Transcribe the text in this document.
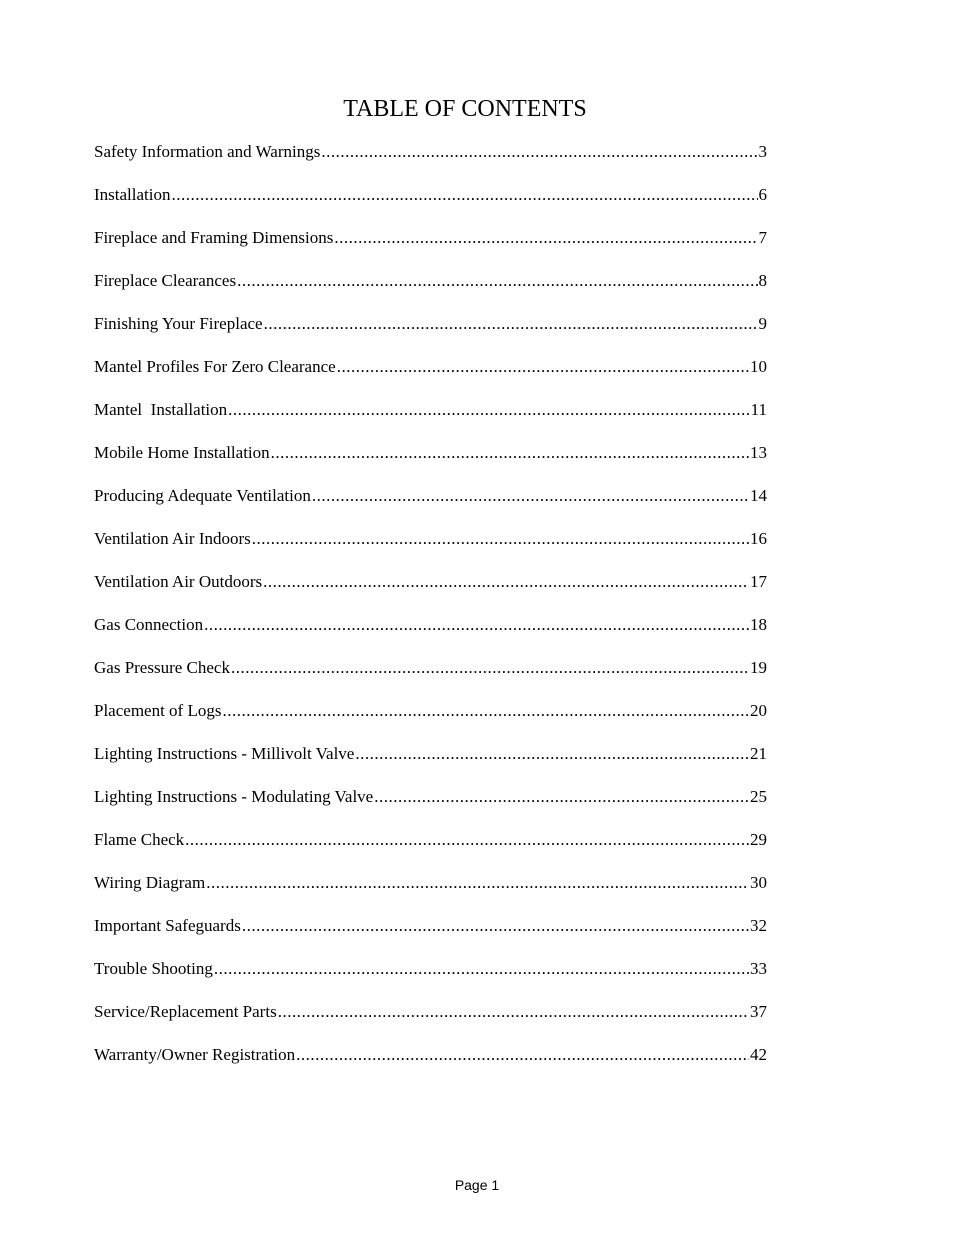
TABLE OF CONTENTS
Safety Information and Warnings .....	3
Installation .....	6
Fireplace and Framing Dimensions .....	7
Fireplace Clearances .....	8
Finishing Your Fireplace .....	9
Mantel Profiles For Zero Clearance .....	10
Mantel  Installation .....	11
Mobile Home Installation .....	13
Producing Adequate Ventilation .....	14
Ventilation Air Indoors .....	16
Ventilation Air Outdoors .....	17
Gas Connection .....	18
Gas Pressure Check .....	19
Placement of Logs .....	20
Lighting Instructions - Millivolt Valve .....	21
Lighting Instructions - Modulating Valve .....	25
Flame Check .....	29
Wiring Diagram .....	30
Important Safeguards .....	32
Trouble Shooting .....	33
Service/Replacement Parts .....	37
Warranty/Owner Registration .....	42
Page 1
